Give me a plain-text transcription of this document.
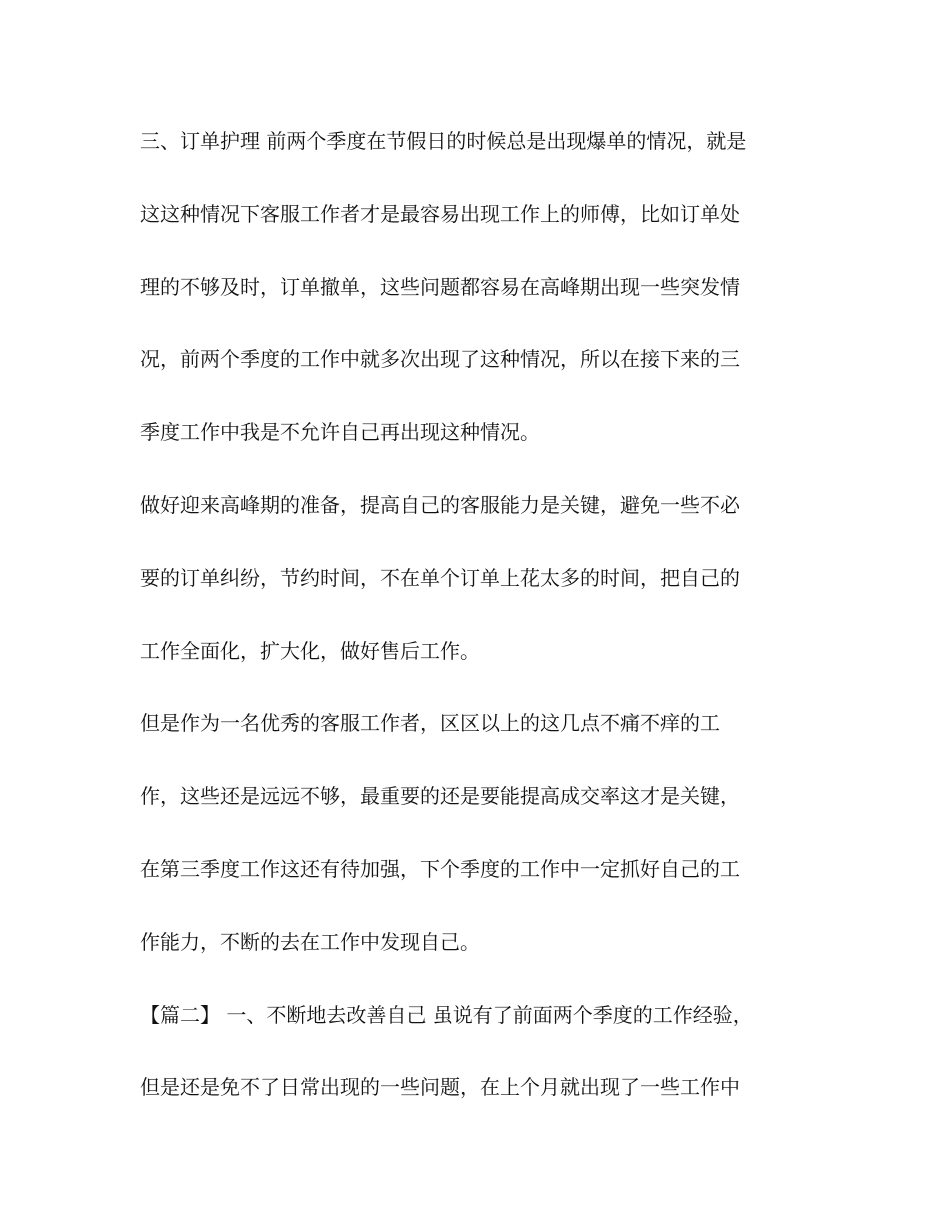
三、订单护理 前两个季度在节假日的时候总是出现爆单的情况，就是
这这种情况下客服工作者才是最容易出现工作上的师傅，比如订单处
理的不够及时，订单撤单，这些问题都容易在高峰期出现一些突发情
况，前两个季度的工作中就多次出现了这种情况，所以在接下来的三
季度工作中我是不允许自己再出现这种情况。
做好迎来高峰期的准备，提高自己的客服能力是关键，避免一些不必
要的订单纠纷，节约时间，不在单个订单上花太多的时间，把自己的
工作全面化，扩大化，做好售后工作。
但是作为一名优秀的客服工作者，区区以上的这几点不痛不痒的工
作，这些还是远远不够，最重要的还是要能提高成交率这才是关键，
在第三季度工作这还有待加强，下个季度的工作中一定抓好自己的工
作能力，不断的去在工作中发现自己。
【篇二】 一、不断地去改善自己 虽说有了前面两个季度的工作经验，
但是还是免不了日常出现的一些问题，在上个月就出现了一些工作中
